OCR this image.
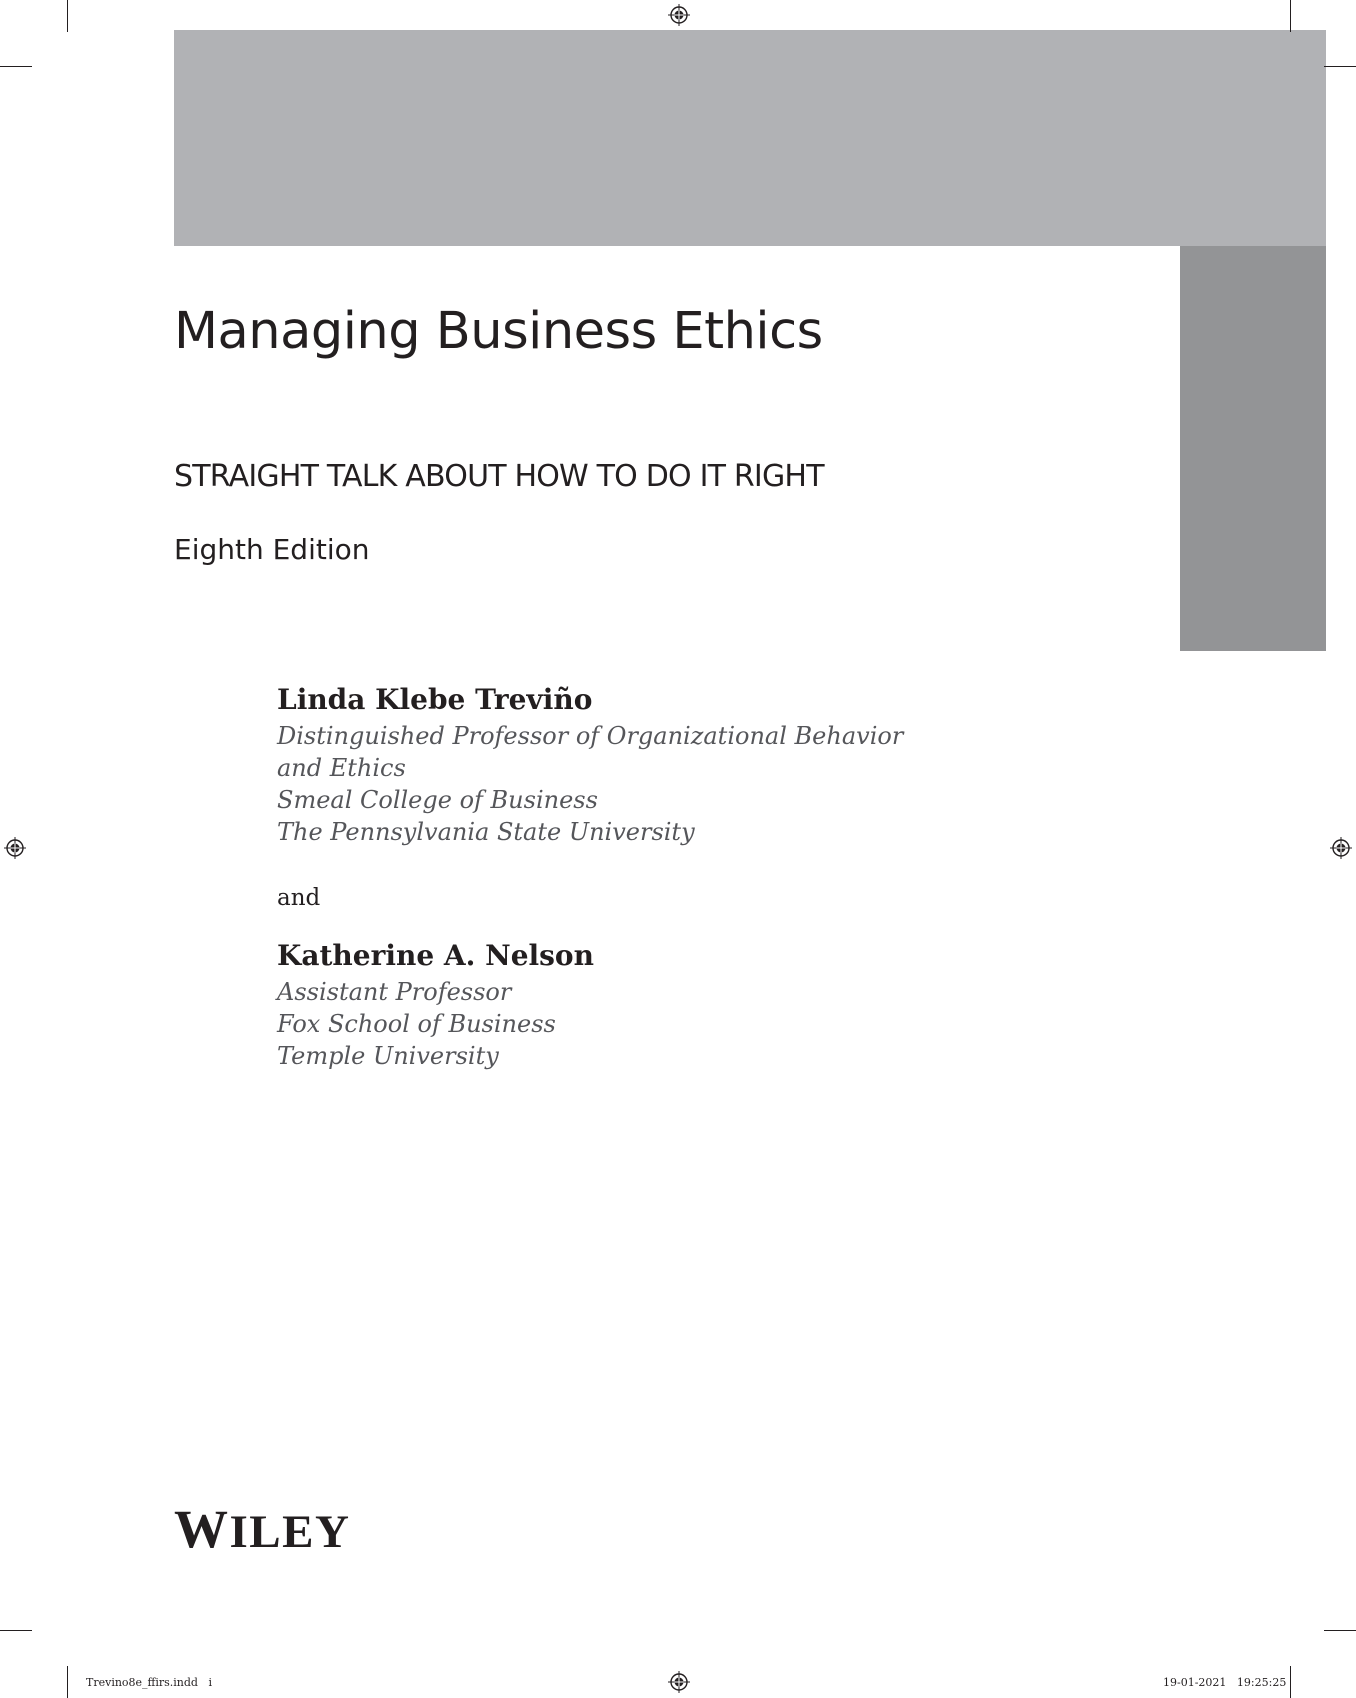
Managing Business Ethics
STRAIGHT TALK ABOUT HOW TO DO IT RIGHT
Eighth Edition

Linda Klebe Treviño

Distinguished Professor of Organizational Behavior

and Ethics

Smeal College of Business

The Pennsylvania State University

and

Katherine A. Nelson

Assistant Professor

Fox School of Business

Temple University

WILEY
Trevino8e_ffirs.indd i	19-01-2021 19:25:25
